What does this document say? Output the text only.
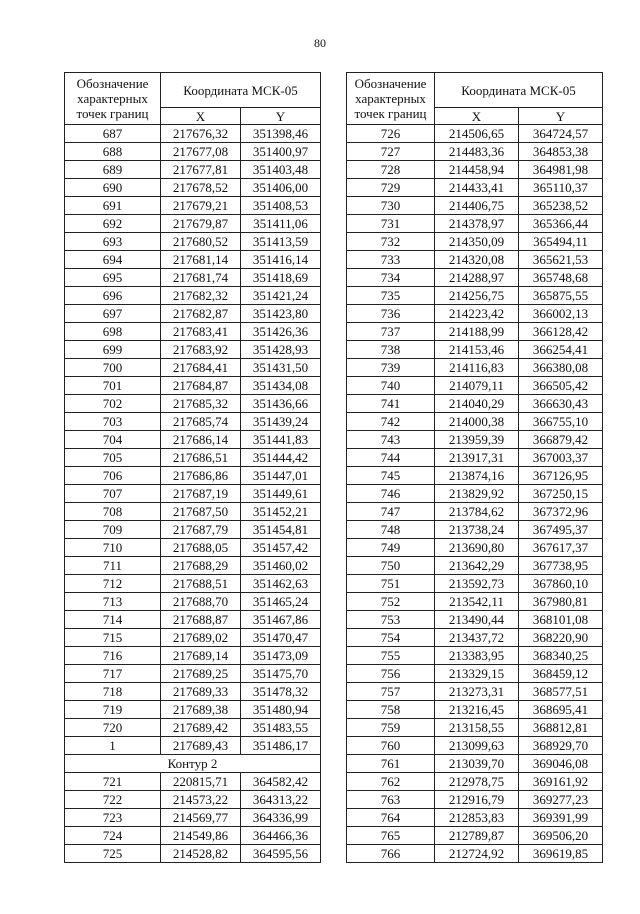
80
Обозначение характерных точек границ	Координата МСК-05	
	X	Y
687	217676,32	351398,46
688	217677,08	351400,97
689	217677,81	351403,48
690	217678,52	351406,00
691	217679,21	351408,53
692	217679,87	351411,06
693	217680,52	351413,59
694	217681,14	351416,14
695	217681,74	351418,69
696	217682,32	351421,24
697	217682,87	351423,80
698	217683,41	351426,36
699	217683,92	351428,93
700	217684,41	351431,50
701	217684,87	351434,08
702	217685,32	351436,66
703	217685,74	351439,24
704	217686,14	351441,83
705	217686,51	351444,42
706	217686,86	351447,01
707	217687,19	351449,61
708	217687,50	351452,21
709	217687,79	351454,81
710	217688,05	351457,42
711	217688,29	351460,02
712	217688,51	351462,63
713	217688,70	351465,24
714	217688,87	351467,86
715	217689,02	351470,47
716	217689,14	351473,09
717	217689,25	351475,70
718	217689,33	351478,32
719	217689,38	351480,94
720	217689,42	351483,55
1	217689,43	351486,17
Контур 2		
721	220815,71	364582,42
722	214573,22	364313,22
723	214569,77	364336,99
724	214549,86	364466,36
725	214528,82	364595,56
Обозначение характерных точек границ	Координата МСК-05	
	X	Y
726	214506,65	364724,57
727	214483,36	364853,38
728	214458,94	364981,98
729	214433,41	365110,37
730	214406,75	365238,52
731	214378,97	365366,44
732	214350,09	365494,11
733	214320,08	365621,53
734	214288,97	365748,68
735	214256,75	365875,55
736	214223,42	366002,13
737	214188,99	366128,42
738	214153,46	366254,41
739	214116,83	366380,08
740	214079,11	366505,42
741	214040,29	366630,43
742	214000,38	366755,10
743	213959,39	366879,42
744	213917,31	367003,37
745	213874,16	367126,95
746	213829,92	367250,15
747	213784,62	367372,96
748	213738,24	367495,37
749	213690,80	367617,37
750	213642,29	367738,95
751	213592,73	367860,10
752	213542,11	367980,81
753	213490,44	368101,08
754	213437,72	368220,90
755	213383,95	368340,25
756	213329,15	368459,12
757	213273,31	368577,51
758	213216,45	368695,41
759	213158,55	368812,81
760	213099,63	368929,70
761	213039,70	369046,08
762	212978,75	369161,92
763	212916,79	369277,23
764	212853,83	369391,99
765	212789,87	369506,20
766	212724,92	369619,85
